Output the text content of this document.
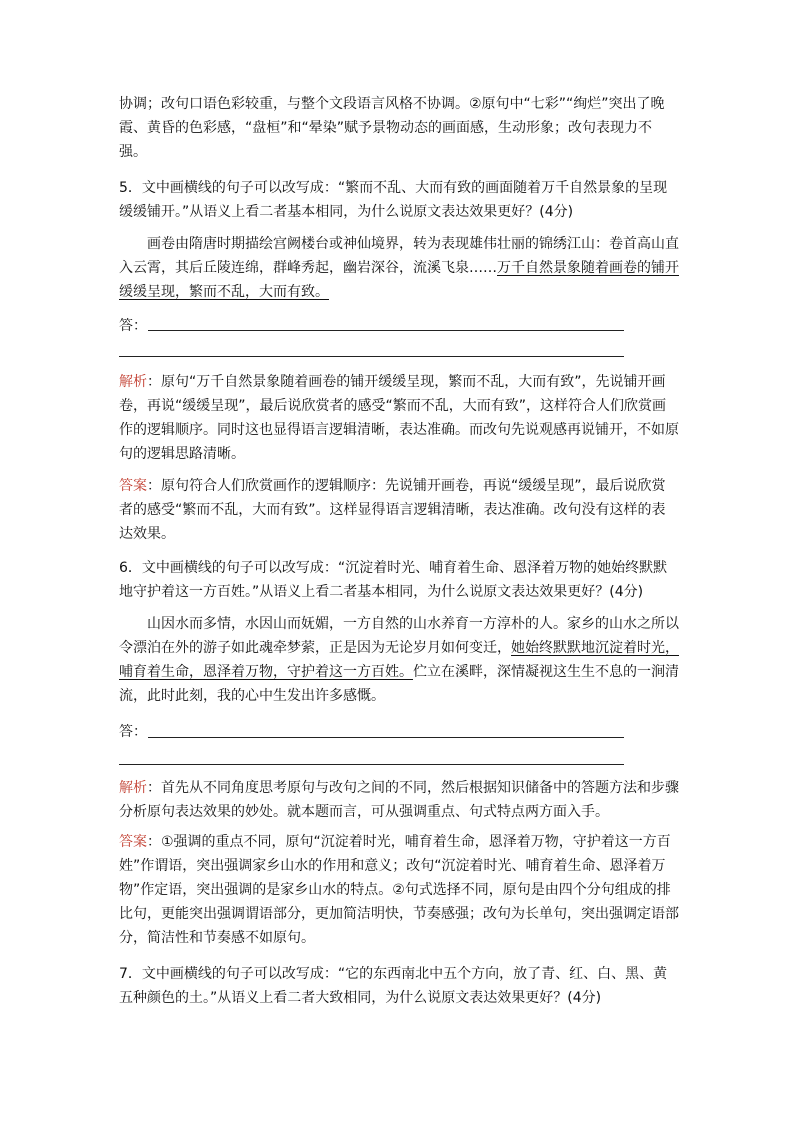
协调；改句口语色彩较重，与整个文段语言风格不协调。②原句中“七彩”“绚烂”突出了晚霞、黄昏的色彩感，“盘桓”和“晕染”赋予景物动态的画面感，生动形象；改句表现力不强。

5．文中画横线的句子可以改写成：“繁而不乱、大而有致的画面随着万千自然景象的呈现缓缓铺开。”从语义上看二者基本相同，为什么说原文表达效果更好？(4分)

画卷由隋唐时期描绘宫阙楼台或神仙境界，转为表现雄伟壮丽的锦绣江山：卷首高山直入云霄，其后丘陵连绵，群峰秀起，幽岩深谷，流溪飞泉……万千自然景象随着画卷的铺开缓缓呈现，繁而不乱，大而有致。

答：

解析：原句“万千自然景象随着画卷的铺开缓缓呈现，繁而不乱，大而有致”，先说铺开画卷，再说“缓缓呈现”，最后说欣赏者的感受“繁而不乱，大而有致”，这样符合人们欣赏画作的逻辑顺序。同时这也显得语言逻辑清晰，表达准确。而改句先说观感再说铺开，不如原句的逻辑思路清晰。

答案：原句符合人们欣赏画作的逻辑顺序：先说铺开画卷，再说“缓缓呈现”，最后说欣赏者的感受“繁而不乱，大而有致”。这样显得语言逻辑清晰，表达准确。改句没有这样的表达效果。

6．文中画横线的句子可以改写成：“沉淀着时光、哺育着生命、恩泽着万物的她始终默默地守护着这一方百姓。”从语义上看二者基本相同，为什么说原文表达效果更好？(4分)

山因水而多情，水因山而妩媚，一方自然的山水养育一方淳朴的人。家乡的山水之所以令漂泊在外的游子如此魂牵梦萦，正是因为无论岁月如何变迁，她始终默默地沉淀着时光，哺育着生命，恩泽着万物，守护着这一方百姓。伫立在溪畔，深情凝视这生生不息的一涧清流，此时此刻，我的心中生发出许多感慨。

答：

解析：首先从不同角度思考原句与改句之间的不同，然后根据知识储备中的答题方法和步骤分析原句表达效果的妙处。就本题而言，可从强调重点、句式特点两方面入手。

答案：①强调的重点不同，原句“沉淀着时光，哺育着生命，恩泽着万物，守护着这一方百姓”作谓语，突出强调家乡山水的作用和意义；改句“沉淀着时光、哺育着生命、恩泽着万物”作定语，突出强调的是家乡山水的特点。②句式选择不同，原句是由四个分句组成的排比句，更能突出强调谓语部分，更加简洁明快，节奏感强；改句为长单句，突出强调定语部分，简洁性和节奏感不如原句。

7．文中画横线的句子可以改写成：“它的东西南北中五个方向，放了青、红、白、黑、黄五种颜色的土。”从语义上看二者大致相同，为什么说原文表达效果更好？(4分)
